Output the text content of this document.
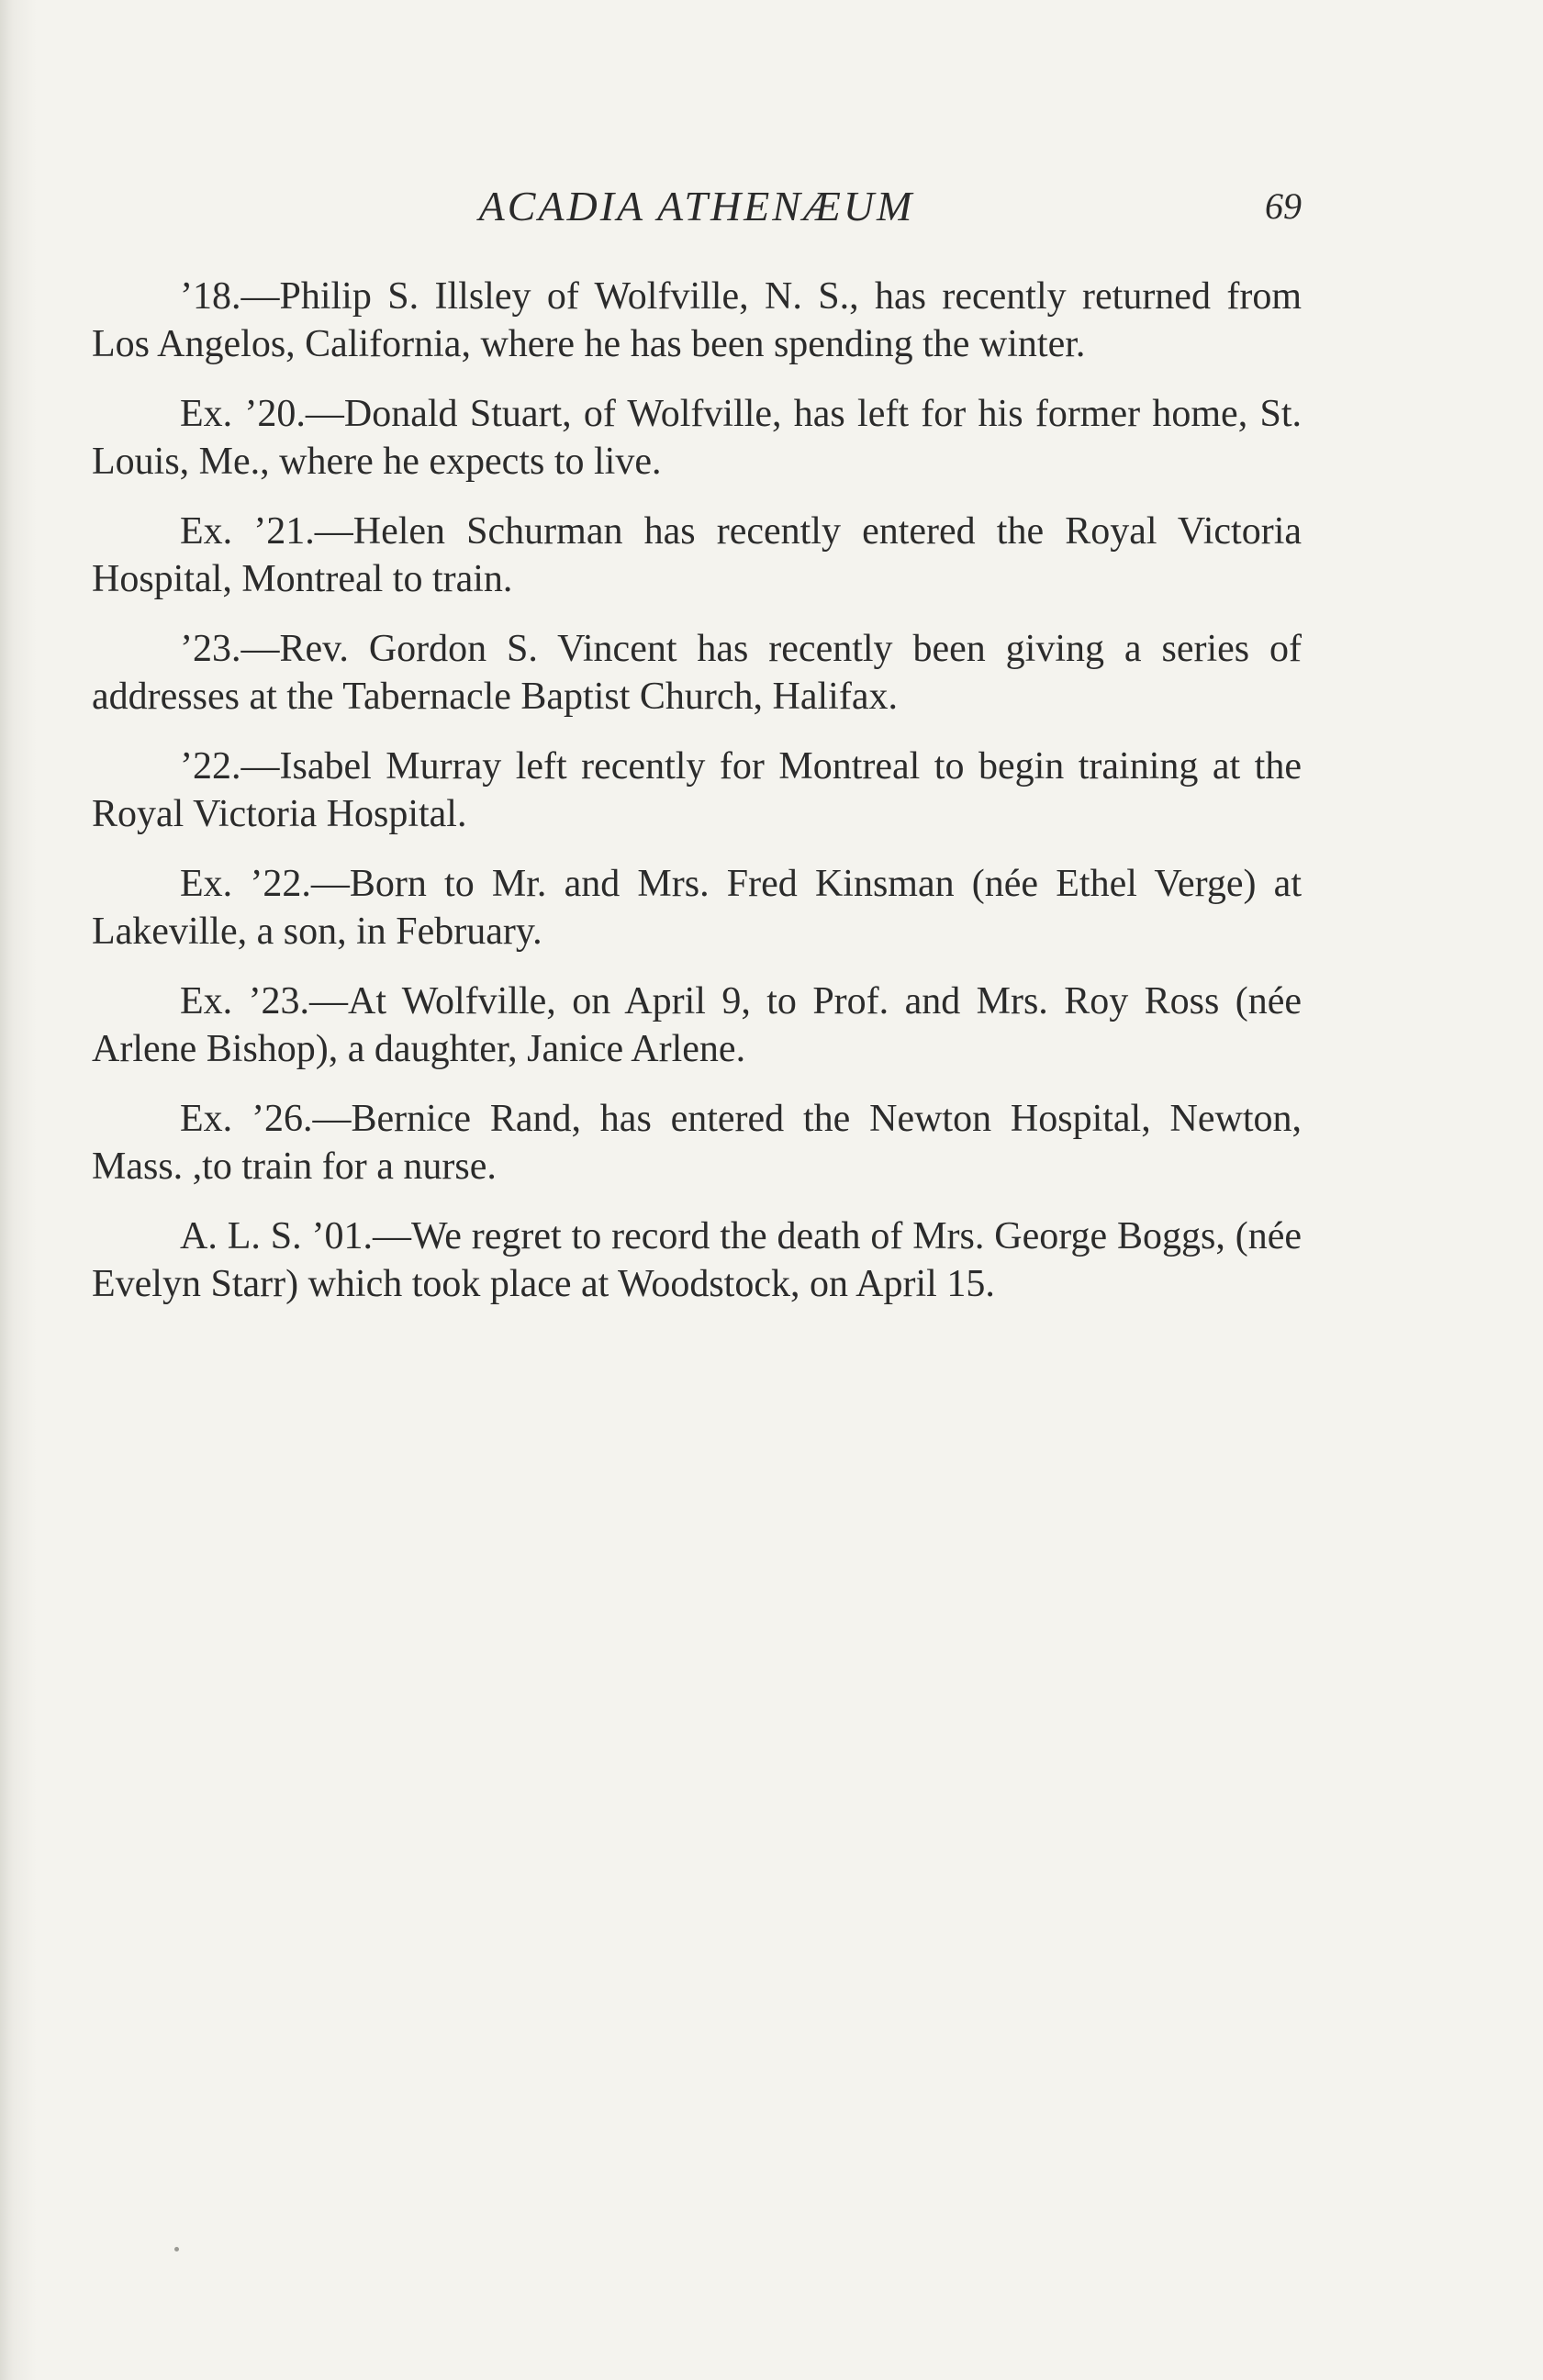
ACADIA ATHENÆUM	69

’18.—Philip S. Illsley of Wolfville, N. S., has recently returned from Los Angelos, California, where he has been spending the winter.

Ex. ’20.—Donald Stuart, of Wolfville, has left for his former home, St. Louis, Me., where he expects to live.

Ex. ’21.—Helen Schurman has recently entered the Royal Victoria Hospital, Montreal to train.

’23.—Rev. Gordon S. Vincent has recently been giving a series of addresses at the Tabernacle Baptist Church, Halifax.

’22.—Isabel Murray left recently for Montreal to begin training at the Royal Victoria Hospital.

Ex. ’22.—Born to Mr. and Mrs. Fred Kinsman (née Ethel Verge) at Lakeville, a son, in February.

Ex. ’23.—At Wolfville, on April 9, to Prof. and Mrs. Roy Ross (née Arlene Bishop), a daughter, Janice Arlene.

Ex. ’26.—Bernice Rand, has entered the Newton Hospital, Newton, Mass. ,to train for a nurse.

A. L. S. ’01.—We regret to record the death of Mrs. George Boggs, (née Evelyn Starr) which took place at Woodstock, on April 15.
